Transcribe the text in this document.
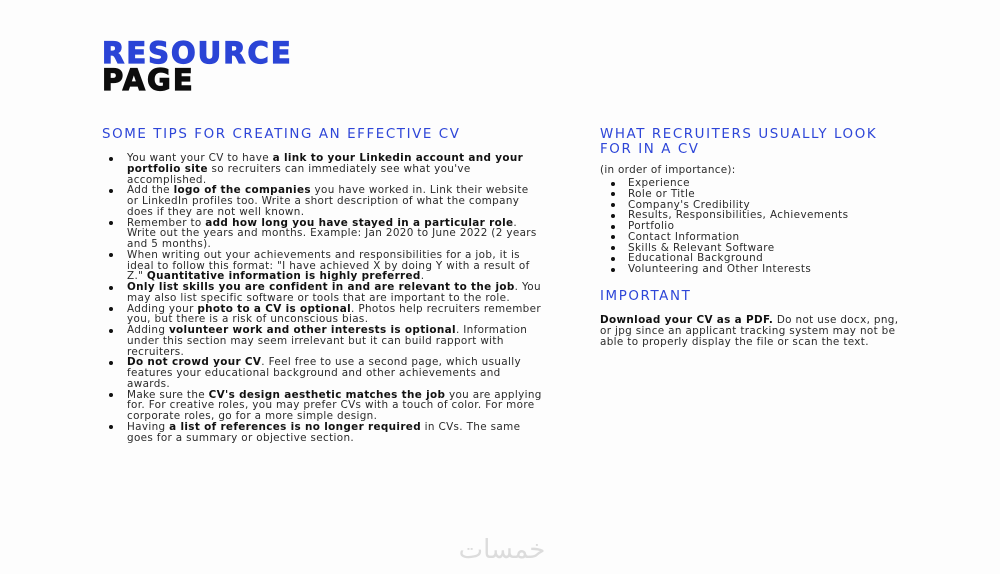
RESOURCE
PAGE
SOME TIPS FOR CREATING AN EFFECTIVE CV
You want your CV to have a link to your Linkedin account and your portfolio site so recruiters can immediately see what you've accomplished.
Add the logo of the companies you have worked in. Link their website or LinkedIn profiles too. Write a short description of what the company does if they are not well known.
Remember to add how long you have stayed in a particular role. Write out the years and months. Example: Jan 2020 to June 2022 (2 years and 5 months).
When writing out your achievements and responsibilities for a job, it is ideal to follow this format: "I have achieved X by doing Y with a result of Z." Quantitative information is highly preferred.
Only list skills you are confident in and are relevant to the job. You may also list specific software or tools that are important to the role.
Adding your photo to a CV is optional. Photos help recruiters remember you, but there is a risk of unconscious bias.
Adding volunteer work and other interests is optional. Information under this section may seem irrelevant but it can build rapport with recruiters.
Do not crowd your CV. Feel free to use a second page, which usually features your educational background and other achievements and awards.
Make sure the CV's design aesthetic matches the job you are applying for. For creative roles, you may prefer CVs with a touch of color. For more corporate roles, go for a more simple design.
Having a list of references is no longer required in CVs. The same goes for a summary or objective section.
WHAT RECRUITERS USUALLY LOOK FOR IN A CV
(in order of importance):
Experience
Role or Title
Company's Credibility
Results, Responsibilities, Achievements
Portfolio
Contact Information
Skills & Relevant Software
Educational Background
Volunteering and Other Interests
IMPORTANT

Download your CV as a PDF. Do not use docx, png, or jpg since an applicant tracking system may not be able to properly display the file or scan the text.

خمسات
